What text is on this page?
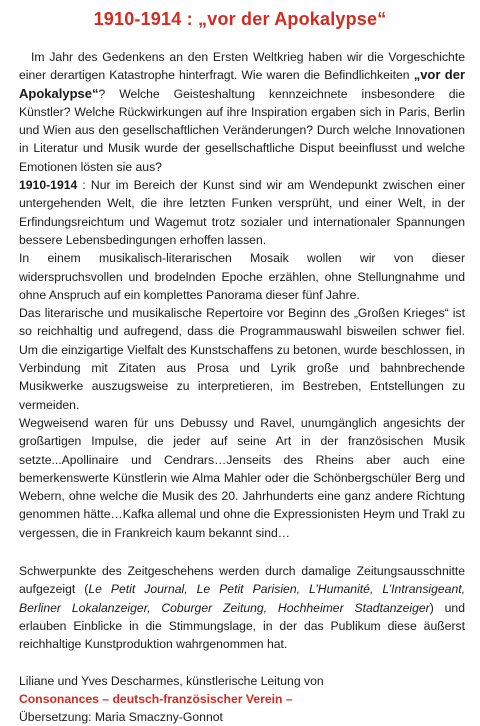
1910-1914 : „vor der Apokalypse“

Im Jahr des Gedenkens an den Ersten Weltkrieg haben wir die Vorgeschichte einer derartigen Katastrophe hinterfragt. Wie waren die Befindlichkeiten „vor der Apokalypse“? Welche Geisteshaltung kennzeichnete insbesondere die Künstler? Welche Rückwirkungen auf ihre Inspiration ergaben sich in Paris, Berlin und Wien aus den gesellschaftlichen Veränderungen? Durch welche Innovationen in Literatur und Musik wurde der gesellschaftliche Disput beeinflusst und welche Emotionen lösten sie aus?

1910-1914 : Nur im Bereich der Kunst sind wir am Wendepunkt zwischen einer untergehenden Welt, die ihre letzten Funken versprüht, und einer Welt, in der Erfindungsreichtum und Wagemut trotz sozialer und internationaler Spannungen bessere Lebensbedingungen erhoffen lassen.

In einem musikalisch-literarischen Mosaik wollen wir von dieser widerspruchsvollen und brodelnden Epoche erzählen, ohne Stellungnahme und ohne Anspruch auf ein komplettes Panorama dieser fünf Jahre.

Das literarische und musikalische Repertoire vor Beginn des „Großen Krieges“ ist so reichhaltig und aufregend, dass die Programmauswahl bisweilen schwer fiel. Um die einzigartige Vielfalt des Kunstschaffens zu betonen, wurde beschlossen, in Verbindung mit Zitaten aus Prosa und Lyrik große und bahnbrechende Musikwerke auszugsweise zu interpretieren, im Bestreben, Entstellungen zu vermeiden.

Wegweisend waren für uns Debussy und Ravel, unumgänglich angesichts der großartigen Impulse, die jeder auf seine Art in der französischen Musik setzte...Apollinaire und Cendrars…Jenseits des Rheins aber auch eine bemerkenswerte Künstlerin wie Alma Mahler oder die Schönbergschüler Berg und Webern, ohne welche die Musik des 20. Jahrhunderts eine ganz andere Richtung genommen hätte…Kafka allemal und ohne die Expressionisten Heym und Trakl zu vergessen, die in Frankreich kaum bekannt sind…

Schwerpunkte des Zeitgeschehens werden durch damalige Zeitungsausschnitte aufgezeigt (Le Petit Journal, Le Petit Parisien, L’Humanité, L’Intransigeant, Berliner Lokalanzeiger, Coburger Zeitung, Hochheimer Stadtanzeiger) und erlauben Einblicke in die Stimmungslage, in der das Publikum diese äußerst reichhaltige Kunstproduktion wahrgenommen hat.

Liliane und Yves Descharmes, künstlerische Leitung von
Consonances – deutsch-französischer Verein –
Übersetzung: Maria Smaczny-Gonnot
